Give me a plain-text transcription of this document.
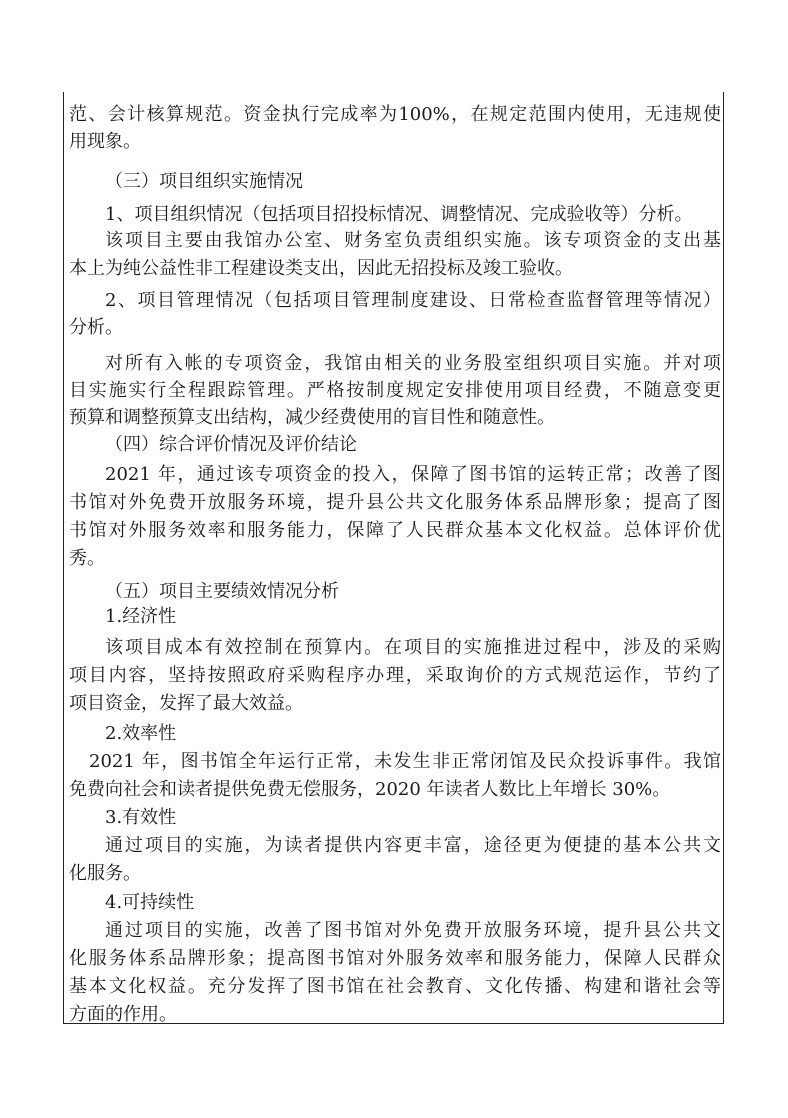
范、会计核算规范。资金执行完成率为100%，在规定范围内使用，无违规使
用现象。
（三）项目组织实施情况
1、项目组织情况（包括项目招投标情况、调整情况、完成验收等）分析。
该项目主要由我馆办公室、财务室负责组织实施。该专项资金的支出基
本上为纯公益性非工程建设类支出，因此无招投标及竣工验收。
2、项目管理情况（包括项目管理制度建设、日常检查监督管理等情况）
分析。
对所有入帐的专项资金，我馆由相关的业务股室组织项目实施。并对项
目实施实行全程跟踪管理。严格按制度规定安排使用项目经费，不随意变更
预算和调整预算支出结构，减少经费使用的盲目性和随意性。
（四）综合评价情况及评价结论
2021 年，通过该专项资金的投入，保障了图书馆的运转正常；改善了图
书馆对外免费开放服务环境，提升县公共文化服务体系品牌形象；提高了图
书馆对外服务效率和服务能力，保障了人民群众基本文化权益。总体评价优
秀。
（五）项目主要绩效情况分析
1.经济性
该项目成本有效控制在预算内。在项目的实施推进过程中，涉及的采购
项目内容，坚持按照政府采购程序办理，采取询价的方式规范运作，节约了
项目资金，发挥了最大效益。
2.效率性
2021 年，图书馆全年运行正常，未发生非正常闭馆及民众投诉事件。我馆
免费向社会和读者提供免费无偿服务，2020 年读者人数比上年增长 30%。
3.有效性
通过项目的实施，为读者提供内容更丰富，途径更为便捷的基本公共文
化服务。
4.可持续性
通过项目的实施，改善了图书馆对外免费开放服务环境，提升县公共文
化服务体系品牌形象；提高图书馆对外服务效率和服务能力，保障人民群众
基本文化权益。充分发挥了图书馆在社会教育、文化传播、构建和谐社会等
方面的作用。
